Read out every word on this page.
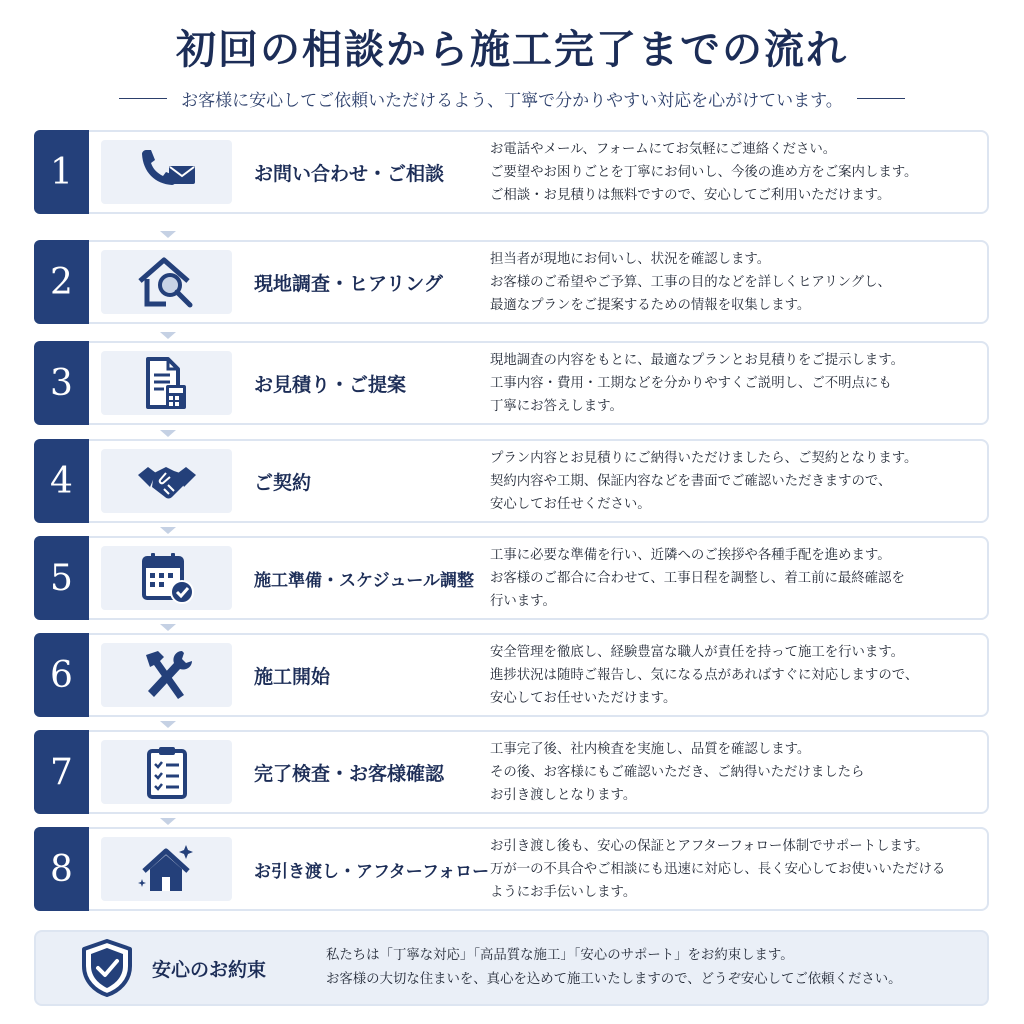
初回の相談から施工完了までの流れ
お客様に安心してご依頼いただけるよう、丁寧で分かりやすい対応を心がけています。
1	お問い合わせ・ご相談
お電話やメール、フォームにてお気軽にご連絡ください。
ご要望やお困りごとを丁寧にお伺いし、今後の進め方をご案内します。
ご相談・お見積りは無料ですので、安心してご利用いただけます。
2	現地調査・ヒアリング
担当者が現地にお伺いし、状況を確認します。
お客様のご希望やご予算、工事の目的などを詳しくヒアリングし、
最適なプランをご提案するための情報を収集します。
3	お見積り・ご提案
現地調査の内容をもとに、最適なプランとお見積りをご提示します。
工事内容・費用・工期などを分かりやすくご説明し、ご不明点にも
丁寧にお答えします。
4	ご契約
プラン内容とお見積りにご納得いただけましたら、ご契約となります。
契約内容や工期、保証内容などを書面でご確認いただきますので、
安心してお任せください。
5	施工準備・スケジュール調整
工事に必要な準備を行い、近隣へのご挨拶や各種手配を進めます。
お客様のご都合に合わせて、工事日程を調整し、着工前に最終確認を
行います。
6	施工開始
安全管理を徹底し、経験豊富な職人が責任を持って施工を行います。
進捗状況は随時ご報告し、気になる点があればすぐに対応しますので、
安心してお任せいただけます。
7	完了検査・お客様確認
工事完了後、社内検査を実施し、品質を確認します。
その後、お客様にもご確認いただき、ご納得いただけましたら
お引き渡しとなります。
8	お引き渡し・アフターフォロー
お引き渡し後も、安心の保証とアフターフォロー体制でサポートします。
万が一の不具合やご相談にも迅速に対応し、長く安心してお使いいただける
ようにお手伝いします。
安心のお約束
私たちは「丁寧な対応」「高品質な施工」「安心のサポート」をお約束します。
お客様の大切な住まいを、真心を込めて施工いたしますので、どうぞ安心してご依頼ください。
